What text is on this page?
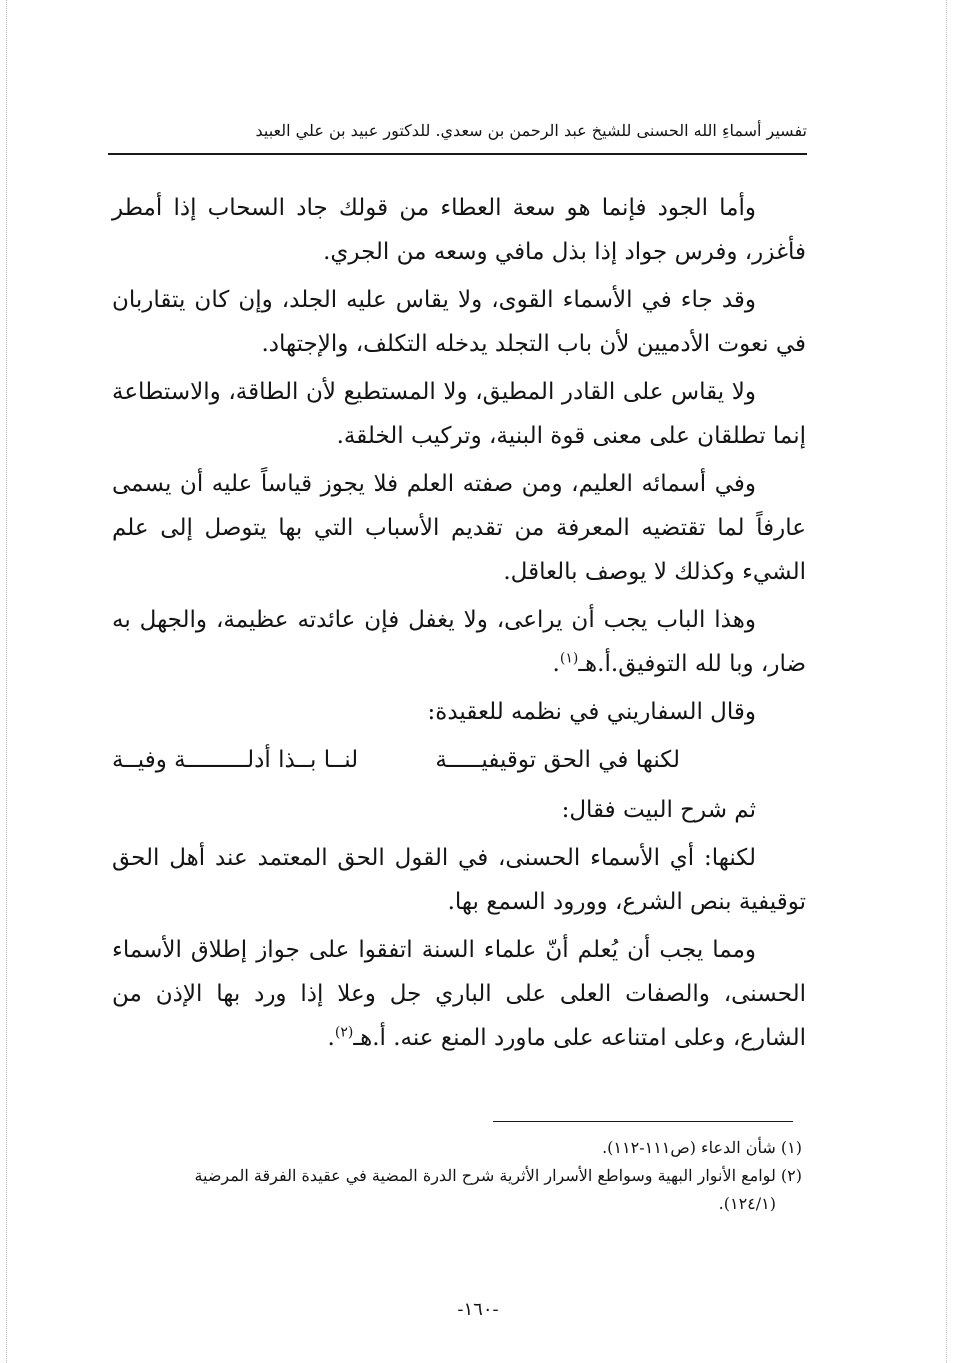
تفسير أسماءِ الله الحسنى للشيخ عبد الرحمن بن سعدي. للدكتور عبيد بن علي العبيد

وأما الجود فإنما هو سعة العطاء من قولك جاد السحاب إذا أمطر فأغزر، وفرس جواد إذا بذل مافي وسعه من الجري.

وقد جاء في الأسماء القوى، ولا يقاس عليه الجلد، وإن كان يتقاربان في نعوت الأدميين لأن باب التجلد يدخله التكلف، والإجتهاد.

ولا يقاس على القادر المطيق، ولا المستطيع لأن الطاقة، والاستطاعة إنما تطلقان على معنى قوة البنية، وتركيب الخلقة.

وفي أسمائه العليم، ومن صفته العلم فلا يجوز قياساً عليه أن يسمى عارفاً لما تقتضيه المعرفة من تقديم الأسباب التي بها يتوصل إلى علم الشيء وكذلك لا يوصف بالعاقل.

وهذا الباب يجب أن يراعى، ولا يغفل فإن عائدته عظيمة، والجهل به ضار، وبا لله التوفيق.أ.هـ$^{(١)}$.

وقال السفاريني في نظمه للعقيدة:

لكنها في الحق توقيفيـــــة
لنــا بــذا أدلـــــــــة وفيــة

ثم شرح البيت فقال:

لكنها: أي الأسماء الحسنى، في القول الحق المعتمد عند أهل الحق توقيفية بنص الشرع، وورود السمع بها.

ومما يجب أن يُعلم أنّ علماء السنة اتفقوا على جواز إطلاق الأسماء الحسنى، والصفات العلى على الباري جل وعلا إذا ورد بها الإذن من الشارع، وعلى امتناعه على ماورد المنع عنه. أ.هـ$^{(٢)}$.

(١) شأن الدعاء (ص١١١-١١٢).

(٢) لوامع الأنوار البهية وسواطع الأسرار الأثرية شرح الدرة المضية في عقيدة الفرقة المرضية

(١٢٤/١).

-١٦٠-
